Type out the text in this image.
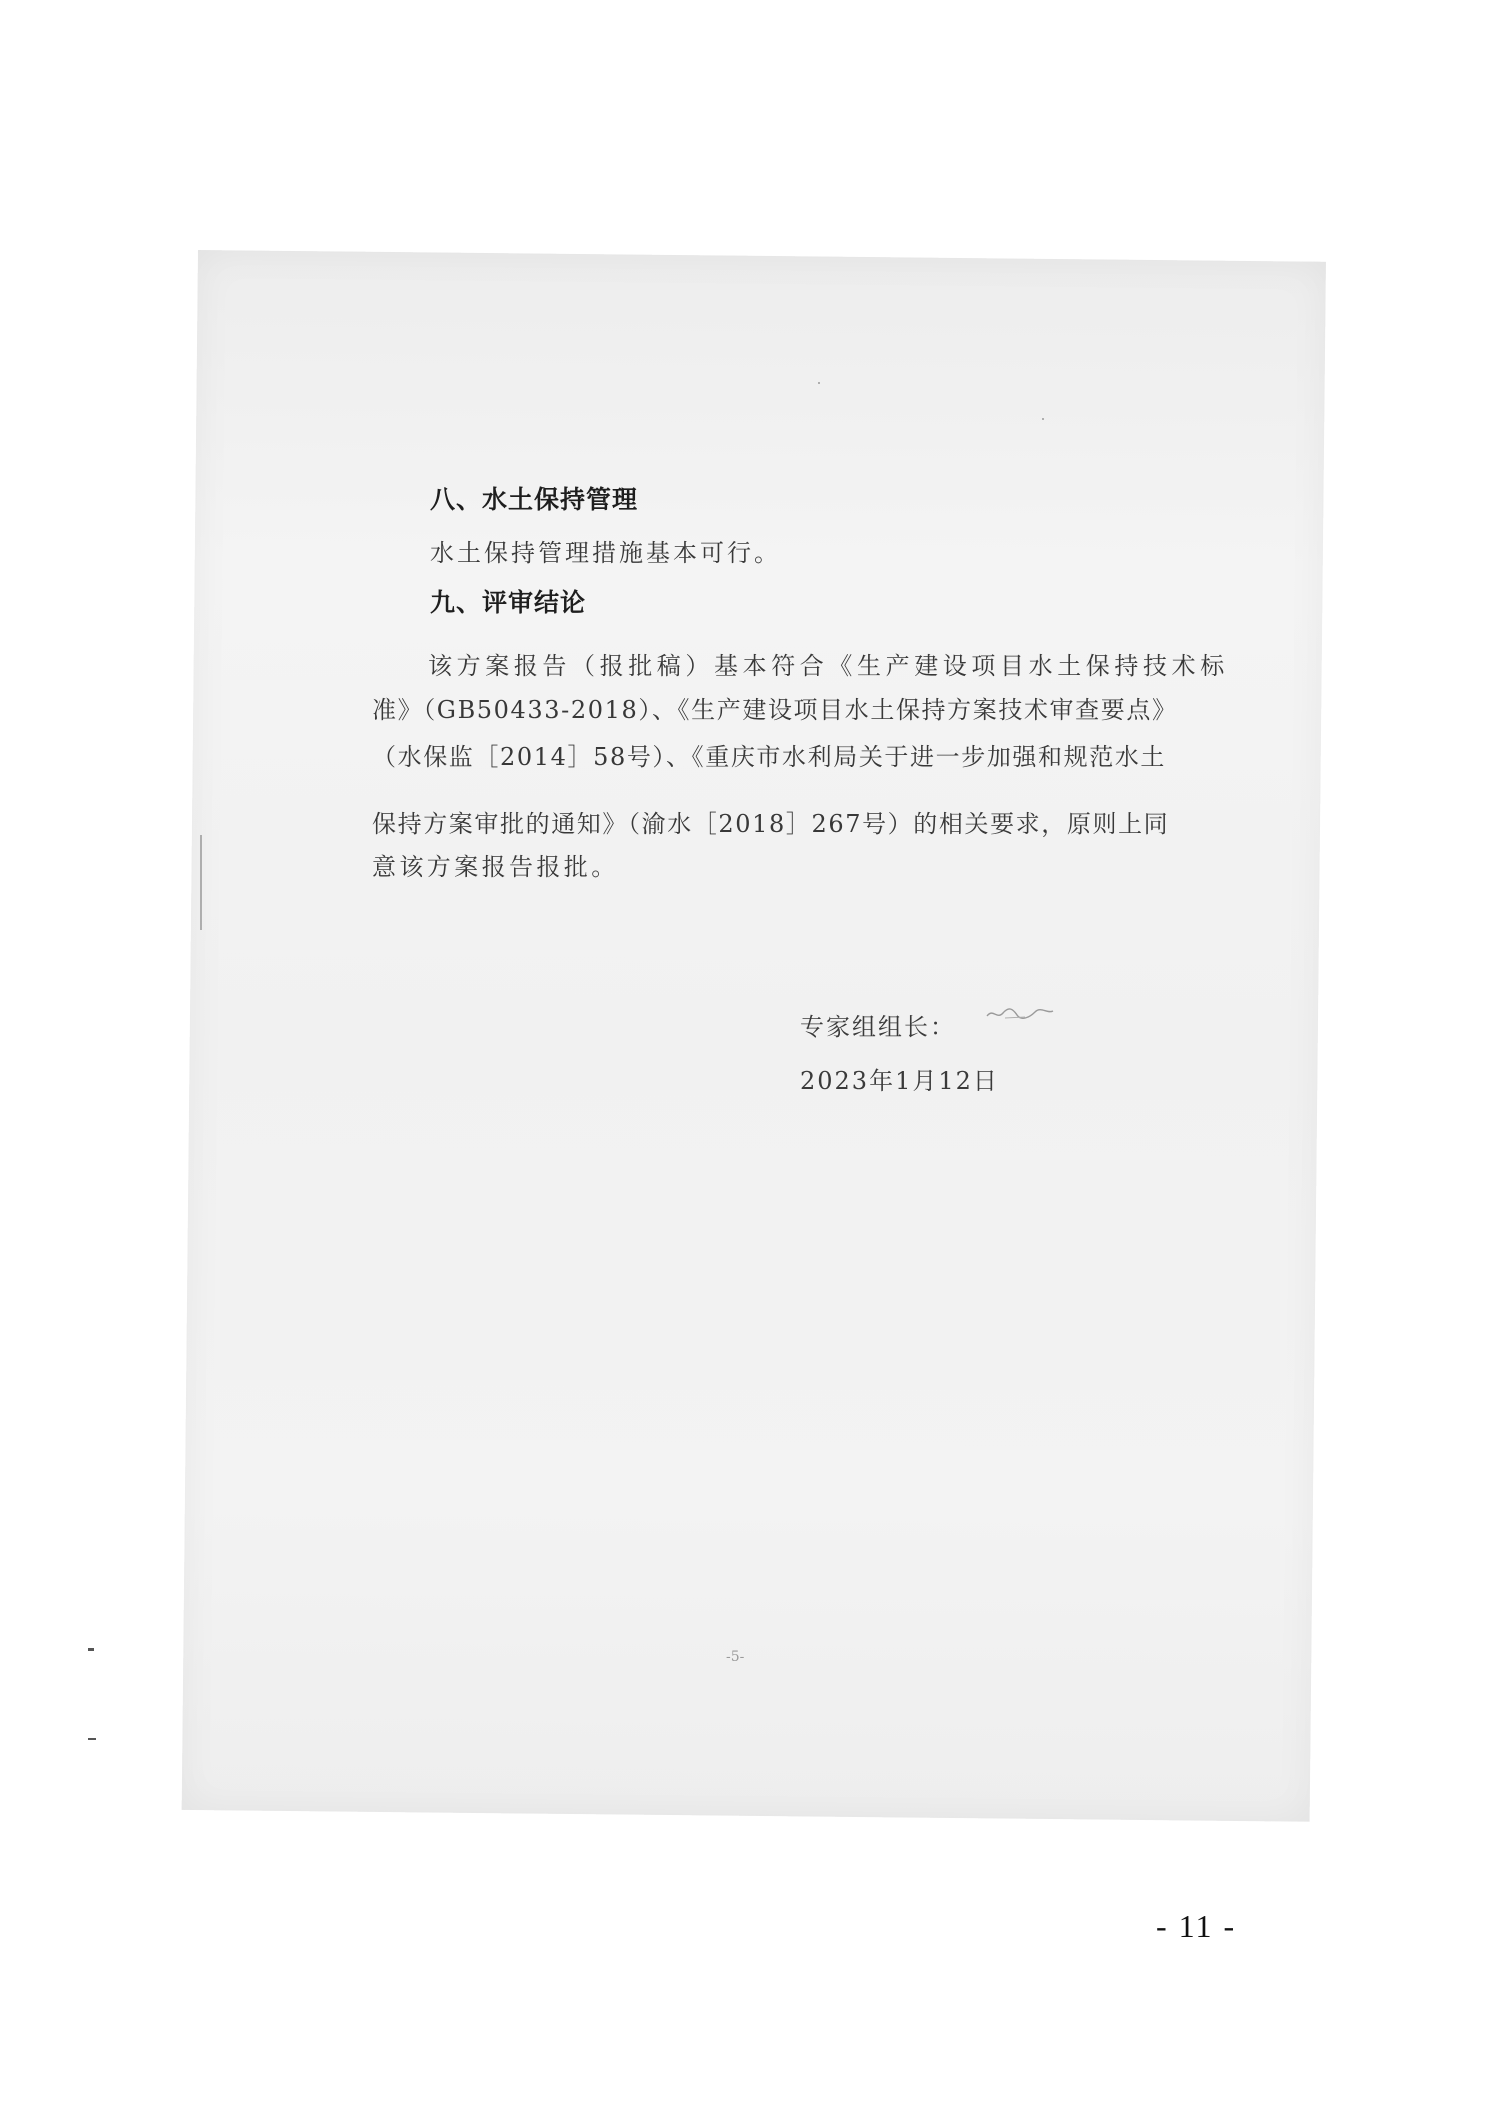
八、水土保持管理
水土保持管理措施基本可行。
九、评审结论
该方案报告（报批稿）基本符合《生产建设项目水土保持技术标
准》（GB50433-2018）、《生产建设项目水土保持方案技术审查要点》
（水保监［2014］58号）、《重庆市水利局关于进一步加强和规范水土
保持方案审批的通知》（渝水［2018］267号）的相关要求，原则上同
意该方案报告报批。
专家组组长：
2023年1月12日
-5-
- 11 -
